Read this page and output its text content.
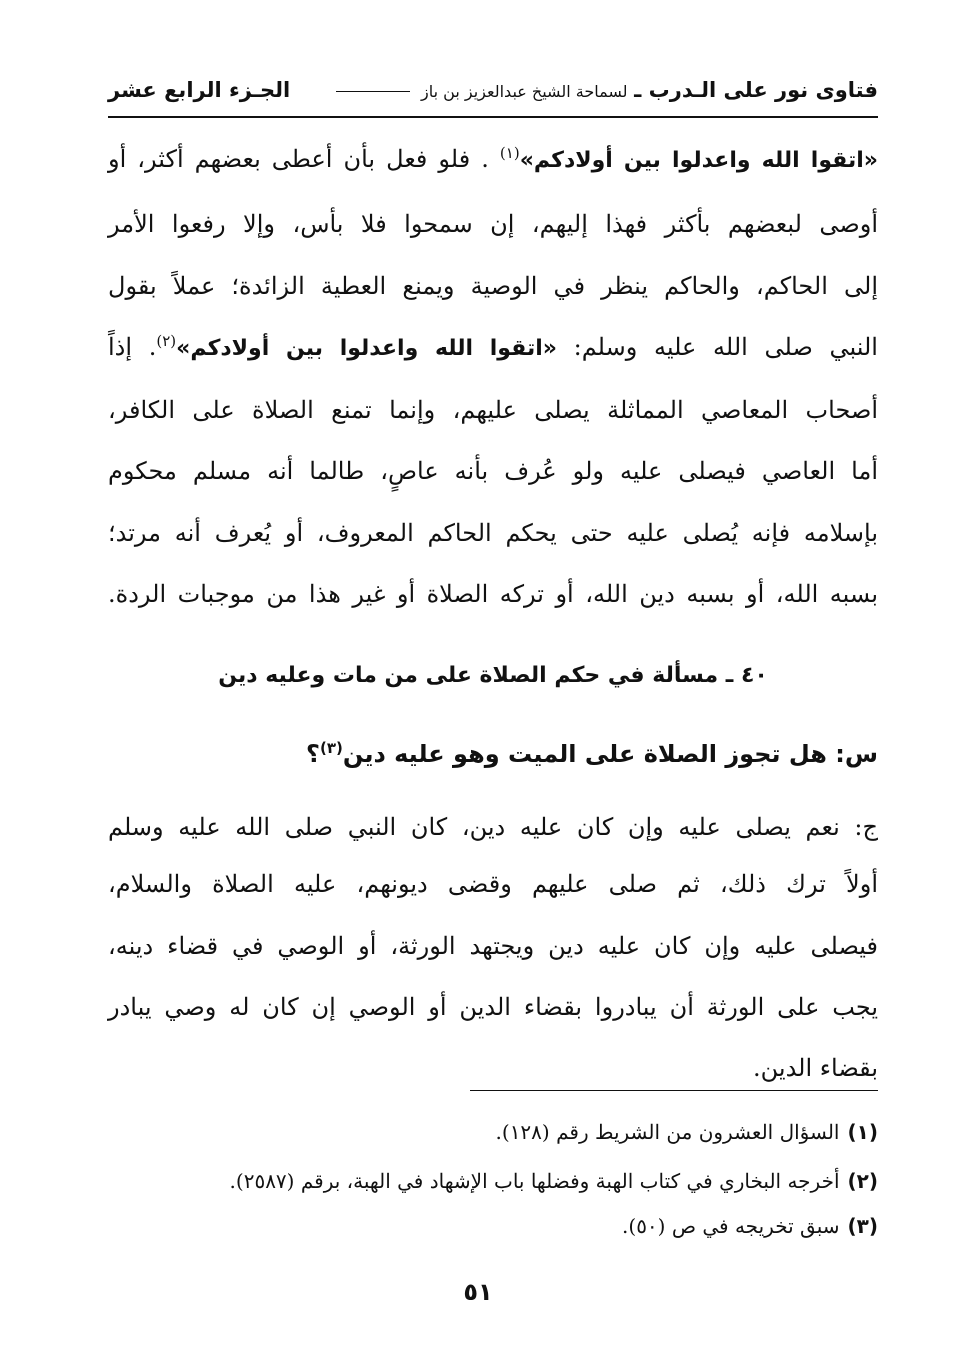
فتاوى نور على الـدرب ـ لسماحة الشيخ عبدالعزيز بن باز
الجـزء الرابع عشر
«اتقوا الله واعدلوا بين أولادكم»$^{(١)}$ . فلو فعل بأن أعطى بعضهم أكثر، أو
أوصى لبعضهم بأكثر فهذا إليهم، إن سمحوا فلا بأس، وإلا رفعوا الأمر
إلى الحاكم، والحاكم ينظر في الوصية ويمنع العطية الزائدة؛ عملاً بقول
النبي صلى الله عليه وسلم: «اتقوا الله واعدلوا بين أولادكم»$^{(٢)}$. إذاً
أصحاب المعاصي المماثلة يصلى عليهم، وإنما تمنع الصلاة على الكافر،
أما العاصي فيصلى عليه ولو عُرف بأنه عاصٍ، طالما أنه مسلم محكوم
بإسلامه فإنه يُصلى عليه حتى يحكم الحاكم المعروف، أو يُعرف أنه مرتد؛
بسبه الله، أو بسبه دين الله، أو تركه الصلاة أو غير هذا من موجبات الردة.
٤٠ ـ مسألة في حكم الصلاة على من مات وعليه دين
س: هل تجوز الصلاة على الميت وهو عليه دين$^{(٣)}$؟
ج: نعم يصلى عليه وإن كان عليه دين، كان النبي صلى الله عليه وسلم
أولاً ترك ذلك، ثم صلى عليهم وقضى ديونهم، عليه الصلاة والسلام،
فيصلى عليه وإن كان عليه دين ويجتهد الورثة، أو الوصي في قضاء دينه،
يجب على الورثة أن يبادروا بقضاء الدين أو الوصي إن كان له وصي يبادر
بقضاء الدين.
(١)السؤال العشرون من الشريط رقم (١٢٨).
(٢)أخرجه البخاري في كتاب الهبة وفضلها باب الإشهاد في الهبة، برقم (٢٥٨٧).
(٣)سبق تخريجه في ص (٥٠).
٥١
